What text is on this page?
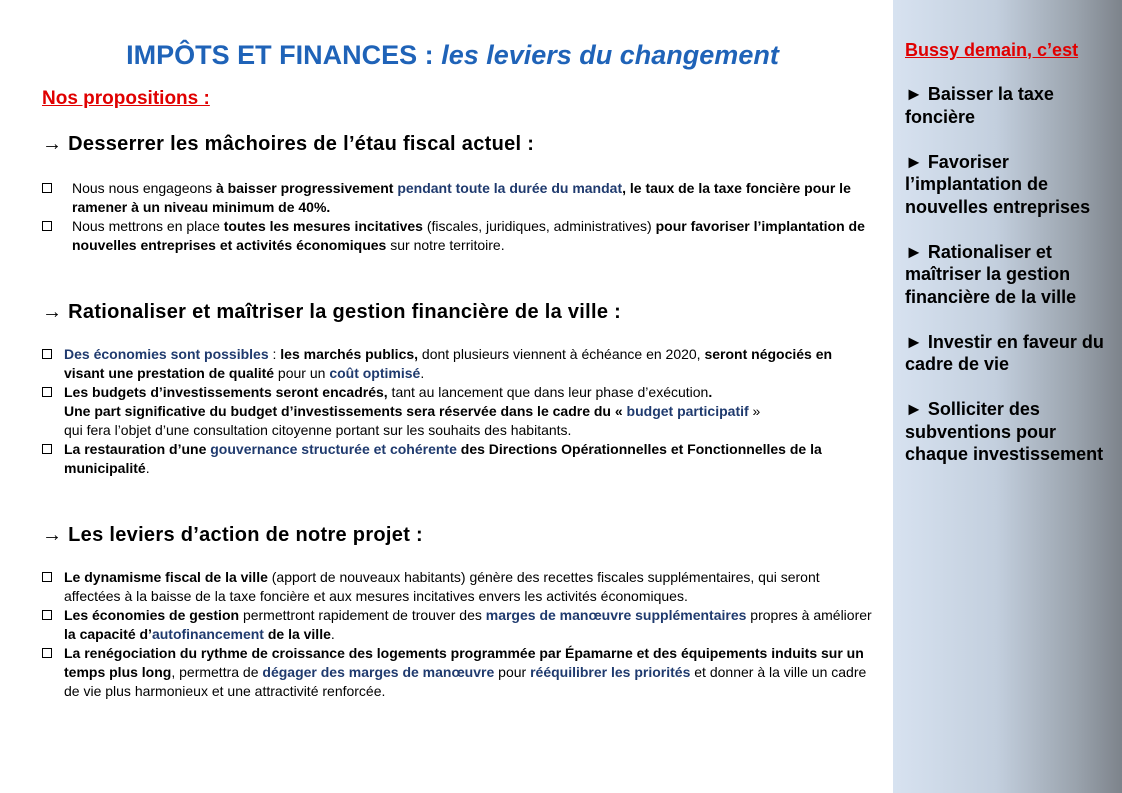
IMPÔTS ET FINANCES : les leviers du changement
Nos propositions :
→ Desserrer les mâchoires de l’étau fiscal actuel :
Nous nous engageons à baisser progressivement pendant toute la durée du mandat, le taux de la taxe foncière pour le ramener à un niveau minimum de 40%.
Nous mettrons en place toutes les mesures incitatives (fiscales, juridiques, administratives) pour favoriser l’implantation de nouvelles entreprises et activités économiques sur notre territoire.
→ Rationaliser et maîtriser la gestion financière de la ville :
Des économies sont possibles : les marchés publics, dont plusieurs viennent à échéance en 2020, seront négociés en visant une prestation de qualité pour un coût optimisé.
Les budgets d’investissements seront encadrés, tant au lancement que dans leur phase d’exécution.
Une part significative du budget d’investissements sera réservée dans le cadre du « budget participatif »
qui fera l’objet d’une consultation citoyenne portant sur les souhaits des habitants.
La restauration d’une gouvernance structurée et cohérente des Directions Opérationnelles et Fonctionnelles de la municipalité.
→ Les leviers d’action de notre projet :
Le dynamisme fiscal de la ville (apport de nouveaux habitants) génère des recettes fiscales supplémentaires, qui seront affectées à la baisse de la taxe foncière et aux mesures incitatives envers les activités économiques.
Les économies de gestion permettront rapidement de trouver des marges de manœuvre supplémentaires propres à améliorer la capacité d’autofinancement de la ville.
La renégociation du rythme de croissance des logements programmée par Épamarne et des équipements induits sur un temps plus long, permettra de dégager des marges de manœuvre pour rééquilibrer les priorités et donner à la ville un cadre de vie plus harmonieux et une attractivité renforcée.
Bussy demain, c’est
► Baisser la taxe foncière
► Favoriser l’implantation de nouvelles entreprises
► Rationaliser et maîtriser la gestion financière de la ville
► Investir en faveur du cadre de vie
► Solliciter des subventions pour chaque investissement
